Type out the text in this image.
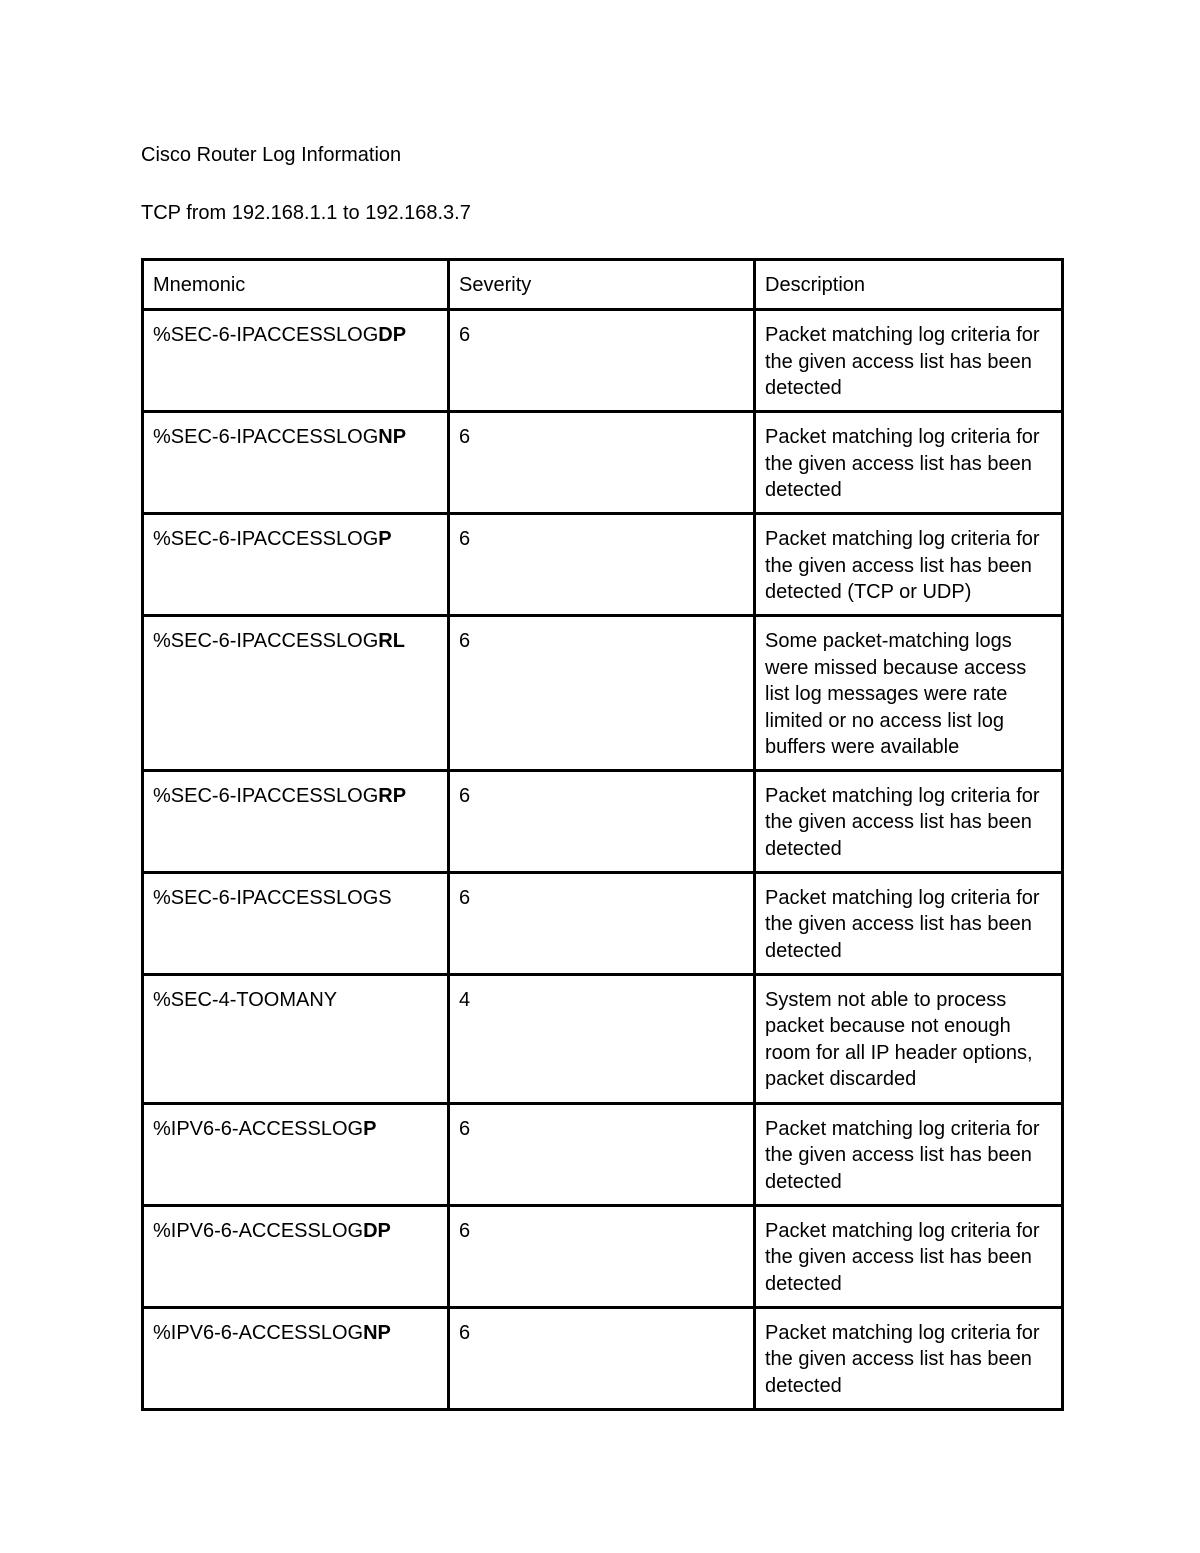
Cisco Router Log Information
TCP from 192.168.1.1 to 192.168.3.7
Mnemonic	Severity	Description
%SEC-6-IPACCESSLOGDP	6	Packet matching log criteria for the given access list has been detected
%SEC-6-IPACCESSLOGNP	6	Packet matching log criteria for the given access list has been detected
%SEC-6-IPACCESSLOGP	6	Packet matching log criteria for the given access list has been detected (TCP or UDP)
%SEC-6-IPACCESSLOGRL	6	Some packet-matching logs were missed because access list log messages were rate limited or no access list log buffers were available
%SEC-6-IPACCESSLOGRP	6	Packet matching log criteria for the given access list has been detected
%SEC-6-IPACCESSLOGS	6	Packet matching log criteria for the given access list has been detected
%SEC-4-TOOMANY	4	System not able to process packet because not enough room for all IP header options, packet discarded
%IPV6-6-ACCESSLOGP	6	Packet matching log criteria for the given access list has been detected
%IPV6-6-ACCESSLOGDP	6	Packet matching log criteria for the given access list has been detected
%IPV6-6-ACCESSLOGNP	6	Packet matching log criteria for the given access list has been detected
